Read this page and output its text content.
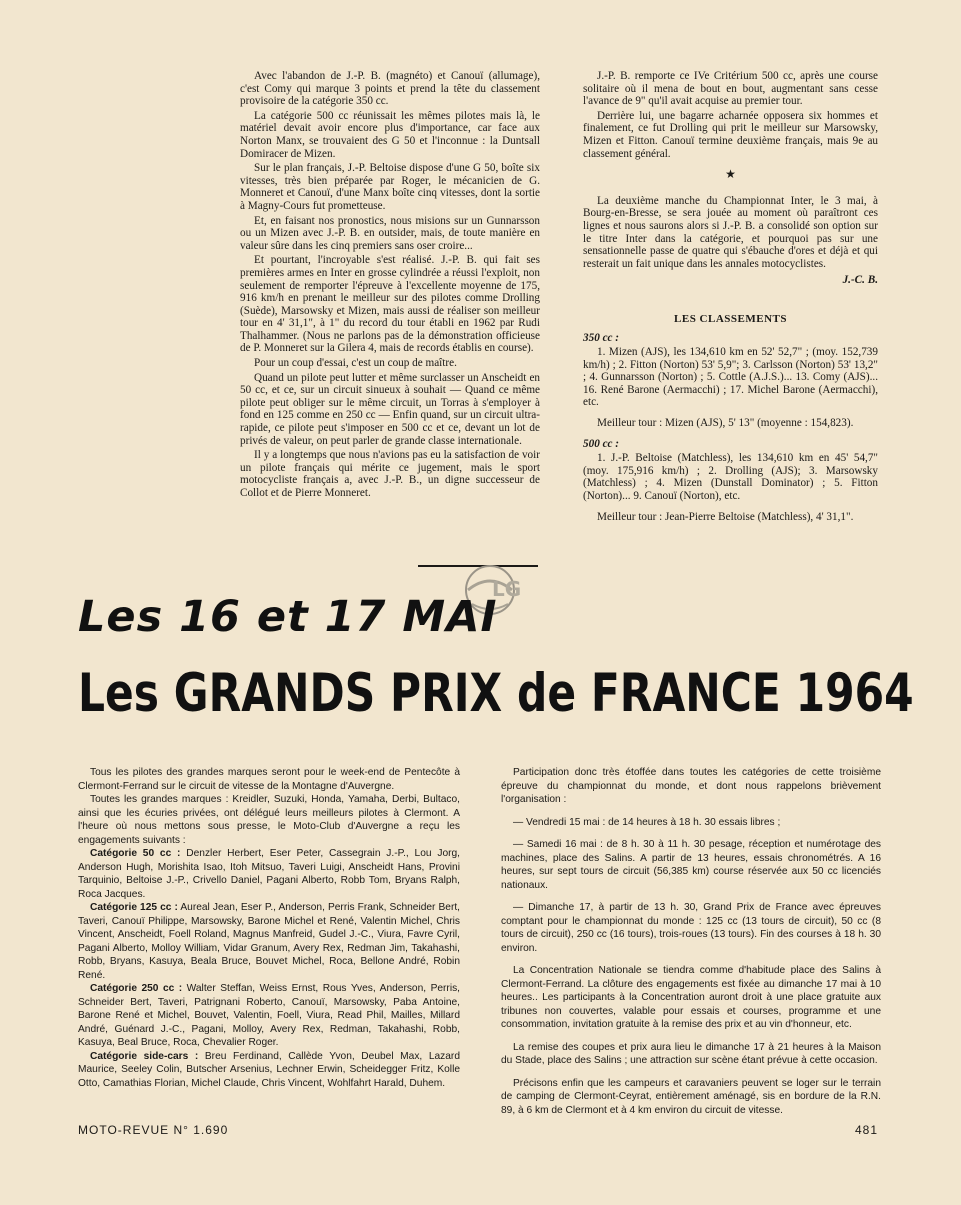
Avec l'abandon de J.-P. B. (magnéto) et Canouï (allumage), c'est Comy qui marque 3 points et prend la tête du classement provisoire de la catégorie 350 cc.

La catégorie 500 cc réunissait les mêmes pilotes mais là, le matériel devait avoir encore plus d'importance, car face aux Norton Manx, se trouvaient des G 50 et l'inconnue : la Duntsall Domiracer de Mizen.

Sur le plan français, J.-P. Beltoise dispose d'une G 50, boîte six vitesses, très bien préparée par Roger, le mécanicien de G. Monneret et Canouï, d'une Manx boîte cinq vitesses, dont la sortie à Magny-Cours fut prometteuse.

Et, en faisant nos pronostics, nous misions sur un Gunnarsson ou un Mizen avec J.-P. B. en outsider, mais, de toute manière en valeur sûre dans les cinq premiers sans oser croire...

Et pourtant, l'incroyable s'est réalisé. J.-P. B. qui fait ses premières armes en Inter en grosse cylindrée a réussi l'exploit, non seulement de remporter l'épreuve à l'excellente moyenne de 175, 916 km/h en prenant le meilleur sur des pilotes comme Drolling (Suède), Marsowsky et Mizen, mais aussi de réaliser son meilleur tour en 4' 31,1", à 1" du record du tour établi en 1962 par Rudi Thalhammer. (Nous ne parlons pas de la démonstration officieuse de P. Monneret sur la Gilera 4, mais de records établis en course).

Pour un coup d'essai, c'est un coup de maître.

Quand un pilote peut lutter et même surclasser un Anscheidt en 50 cc, et ce, sur un circuit sinueux à souhait — Quand ce même pilote peut obliger sur le même circuit, un Torras à s'employer à fond en 125 comme en 250 cc — Enfin quand, sur un circuit ultra-rapide, ce pilote peut s'imposer en 500 cc et ce, devant un lot de privés de valeur, on peut parler de grande classe internationale.

Il y a longtemps que nous n'avions pas eu la satisfaction de voir un pilote français qui mérite ce jugement, mais le sport motocycliste français a, avec J.-P. B., un digne successeur de Collot et de Pierre Monneret.

J.-P. B. remporte ce IVe Critérium 500 cc, après une course solitaire où il mena de bout en bout, augmentant sans cesse l'avance de 9" qu'il avait acquise au premier tour.

Derrière lui, une bagarre acharnée opposera six hommes et finalement, ce fut Drolling qui prit le meilleur sur Marsowsky, Mizen et Fitton. Canouï termine deuxième français, mais 9e au classement général.

★

La deuxième manche du Championnat Inter, le 3 mai, à Bourg-en-Bresse, se sera jouée au moment où paraîtront ces lignes et nous saurons alors si J.-P. B. a consolidé son option sur le titre Inter dans la catégorie, et pourquoi pas sur une sensationnelle passe de quatre qui s'ébauche d'ores et déjà et qui resterait un fait unique dans les annales motocyclistes.

J.-C. B.
LES CLASSEMENTS

350 cc :

1. Mizen (AJS), les 134,610 km en 52' 52,7" ; (moy. 152,739 km/h) ; 2. Fitton (Norton) 53' 5,9"; 3. Carlsson (Norton) 53' 13,2" ; 4. Gunnarsson (Norton) ; 5. Cottle (A.J.S.)... 13. Comy (AJS)... 16. René Barone (Aermacchi) ; 17. Michel Barone (Aermacchi), etc.

Meilleur tour : Mizen (AJS), 5' 13" (moyenne : 154,823).

500 cc :

1. J.-P. Beltoise (Matchless), les 134,610 km en 45' 54,7" (moy. 175,916 km/h) ; 2. Drolling (AJS); 3. Marsowsky (Matchless) ; 4. Mizen (Dunstall Dominator) ; 5. Fitton (Norton)... 9. Canouï (Norton), etc.

Meilleur tour : Jean-Pierre Beltoise (Matchless), 4' 31,1".

LG
Les 16 et 17 MAI
Les GRANDS PRIX de FRANCE 1964

Tous les pilotes des grandes marques seront pour le week-end de Pentecôte à Clermont-Ferrand sur le circuit de vitesse de la Montagne d'Auvergne.

Toutes les grandes marques : Kreidler, Suzuki, Honda, Yamaha, Derbi, Bultaco, ainsi que les écuries privées, ont délégué leurs meilleurs pilotes à Clermont. A l'heure où nous mettons sous presse, le Moto-Club d'Auvergne a reçu les engagements suivants :

Catégorie 50 cc : Denzler Herbert, Eser Peter, Cassegrain J.-P., Lou Jorg, Anderson Hugh, Morishita Isao, Itoh Mitsuo, Taveri Luigi, Anscheidt Hans, Provini Tarquinio, Beltoise J.-P., Crivello Daniel, Pagani Alberto, Robb Tom, Bryans Ralph, Roca Jacques.

Catégorie 125 cc : Aureal Jean, Eser P., Anderson, Perris Frank, Schneider Bert, Taveri, Canouï Philippe, Marsowsky, Barone Michel et René, Valentin Michel, Chris Vincent, Anscheidt, Foell Roland, Magnus Manfreid, Gudel J.-C., Viura, Favre Cyril, Pagani Alberto, Molloy William, Vidar Granum, Avery Rex, Redman Jim, Takahashi, Robb, Bryans, Kasuya, Beala Bruce, Bouvet Michel, Roca, Bellone André, Robin René.

Catégorie 250 cc : Walter Steffan, Weiss Ernst, Rous Yves, Anderson, Perris, Schneider Bert, Taveri, Patrignani Roberto, Canouï, Marsowsky, Paba Antoine, Barone René et Michel, Bouvet, Valentin, Foell, Viura, Read Phil, Mailles, Millard André, Guénard J.-C., Pagani, Molloy, Avery Rex, Redman, Takahashi, Robb, Kasuya, Beal Bruce, Roca, Chevalier Roger.

Catégorie side-cars : Breu Ferdinand, Callède Yvon, Deubel Max, Lazard Maurice, Seeley Colin, Butscher Arsenius, Lechner Erwin, Scheidegger Fritz, Kolle Otto, Camathias Florian, Michel Claude, Chris Vincent, Wohlfahrt Harald, Duhem.

Participation donc très étoffée dans toutes les catégories de cette troisième épreuve du championnat du monde, et dont nous rappelons brièvement l'organisation :

— Vendredi 15 mai : de 14 heures à 18 h. 30 essais libres ;

— Samedi 16 mai : de 8 h. 30 à 11 h. 30 pesage, réception et numérotage des machines, place des Salins. A partir de 13 heures, essais chronométrés. A 16 heures, sur sept tours de circuit (56,385 km) course réservée aux 50 cc licenciés nationaux.

— Dimanche 17, à partir de 13 h. 30, Grand Prix de France avec épreuves comptant pour le championnat du monde : 125 cc (13 tours de circuit), 50 cc (8 tours de circuit), 250 cc (16 tours), trois-roues (13 tours). Fin des courses à 18 h. 30 environ.

La Concentration Nationale se tiendra comme d'habitude place des Salins à Clermont-Ferrand. La clôture des engagements est fixée au dimanche 17 mai à 10 heures.. Les participants à la Concentration auront droit à une place gratuite aux tribunes non couvertes, valable pour essais et courses, programme et une consommation, invitation gratuite à la remise des prix et au vin d'honneur, etc.

La remise des coupes et prix aura lieu le dimanche 17 à 21 heures à la Maison du Stade, place des Salins ; une attraction sur scène étant prévue à cette occasion.

Précisons enfin que les campeurs et caravaniers peuvent se loger sur le terrain de camping de Clermont-Ceyrat, entièrement aménagé, sis en bordure de la R.N. 89, à 6 km de Clermont et à 4 km environ du circuit de vitesse.

MOTO-REVUE N° 1.690	481
